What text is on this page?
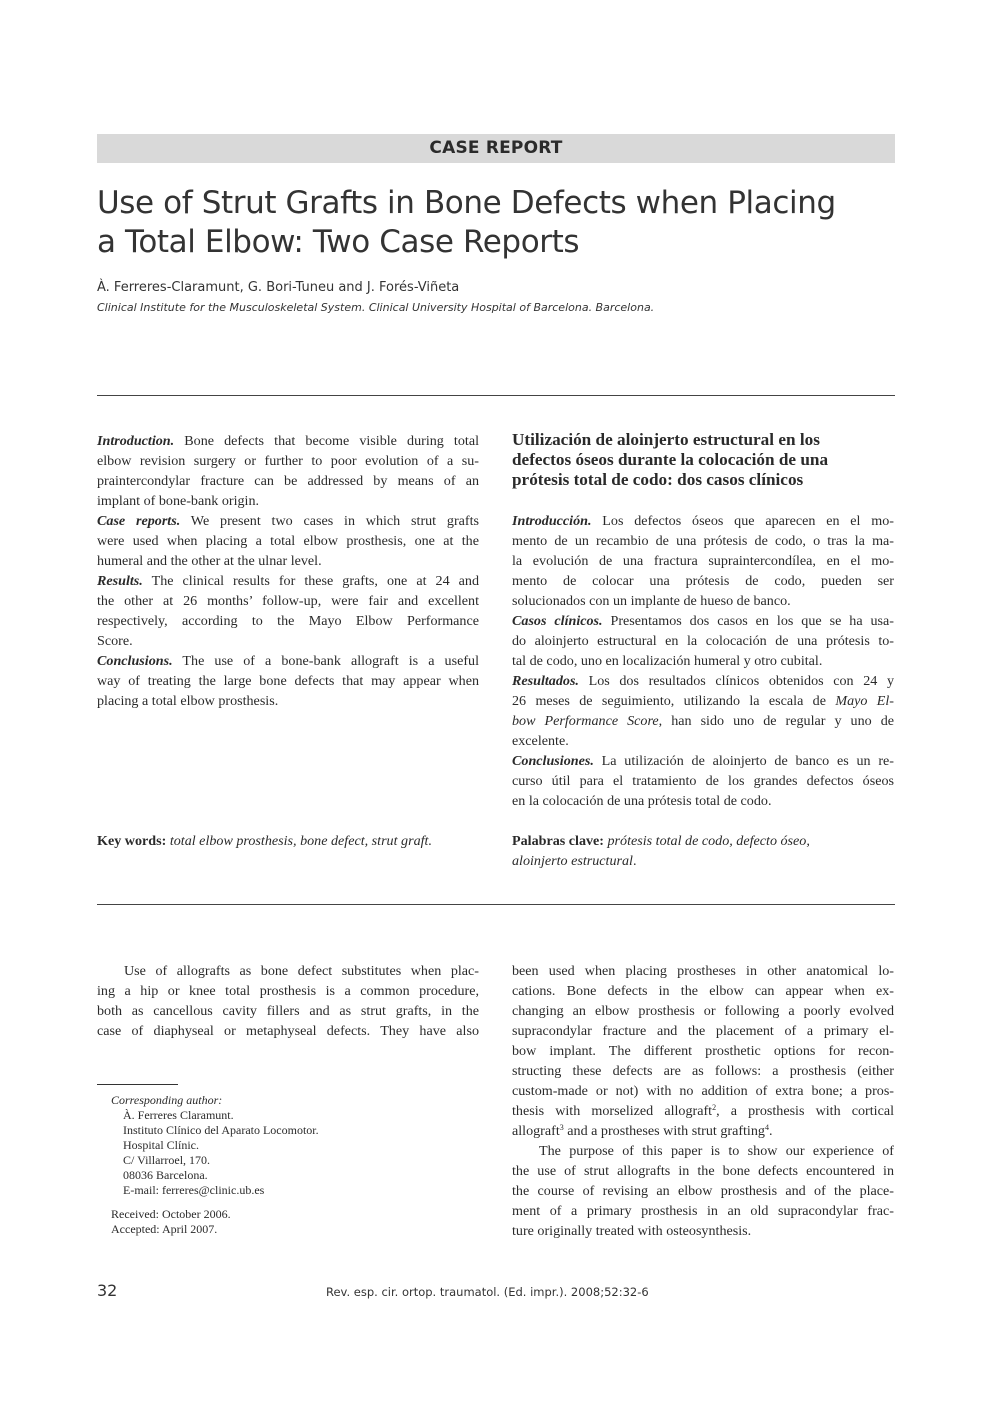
CASE REPORT
Use of Strut Grafts in Bone Defects when Placing
a Total Elbow: Two Case Reports
À. Ferreres-Claramunt, G. Bori-Tuneu and J. Forés-Viñeta
Clinical Institute for the Musculoskeletal System. Clinical University Hospital of Barcelona. Barcelona.
Introduction. Bone defects that become visible during total
elbow revision surgery or further to poor evolution of a su-
praintercondylar fracture can be addressed by means of an
implant of bone-bank origin.
Case reports. We present two cases in which strut grafts
were used when placing a total elbow prosthesis, one at the
humeral and the other at the ulnar level.
Results. The clinical results for these grafts, one at 24 and
the other at 26 months’ follow-up, were fair and excellent
respectively, according to the Mayo Elbow Performance
Score.
Conclusions. The use of a bone-bank allograft is a useful
way of treating the large bone defects that may appear when
placing a total elbow prosthesis.
Key words: total elbow prosthesis, bone defect, strut graft.
Utilización de aloinjerto estructural en los
defectos óseos durante la colocación de una
prótesis total de codo: dos casos clínicos
Introducción. Los defectos óseos que aparecen en el mo-
mento de un recambio de una prótesis de codo, o tras la ma-
la evolución de una fractura supraintercondílea, en el mo-
mento de colocar una prótesis de codo, pueden ser
solucionados con un implante de hueso de banco.
Casos clínicos. Presentamos dos casos en los que se ha usa-
do aloinjerto estructural en la colocación de una prótesis to-
tal de codo, uno en localización humeral y otro cubital.
Resultados. Los dos resultados clínicos obtenidos con 24 y
26 meses de seguimiento, utilizando la escala de Mayo El-
bow Performance Score, han sido uno de regular y uno de
excelente.
Conclusiones. La utilización de aloinjerto de banco es un re-
curso útil para el tratamiento de los grandes defectos óseos
en la colocación de una prótesis total de codo.
Palabras clave: prótesis total de codo, defecto óseo,
aloinjerto estructural.
Use of allografts as bone defect substitutes when plac-
ing a hip or knee total prosthesis is a common procedure,
both as cancellous cavity fillers and as strut grafts, in the
case of diaphyseal or metaphyseal defects. They have also
been used when placing prostheses in other anatomical lo-
cations. Bone defects in the elbow can appear when ex-
changing an elbow prosthesis or following a poorly evolved
supracondylar fracture and the placement of a primary el-
bow implant. The different prosthetic options for recon-
structing these defects are as follows: a prosthesis (either
custom-made or not) with no addition of extra bone; a pros-
thesis with morselized allograft$^2$, a prosthesis with cortical
allograft$^3$ and a prostheses with strut grafting$^4$.
The purpose of this paper is to show our experience of
the use of strut allografts in the bone defects encountered in
the course of revising an elbow prosthesis and of the place-
ment of a primary prosthesis in an old supracondylar frac-
ture originally treated with osteosynthesis.
Corresponding author:
À. Ferreres Claramunt.
Instituto Clínico del Aparato Locomotor.
Hospital Clínic.
C/ Villarroel, 170.
08036 Barcelona.
E-mail: ferreres@clinic.ub.es
Received: October 2006.
Accepted: April 2007.
32	Rev. esp. cir. ortop. traumatol. (Ed. impr.). 2008;52:32-6
